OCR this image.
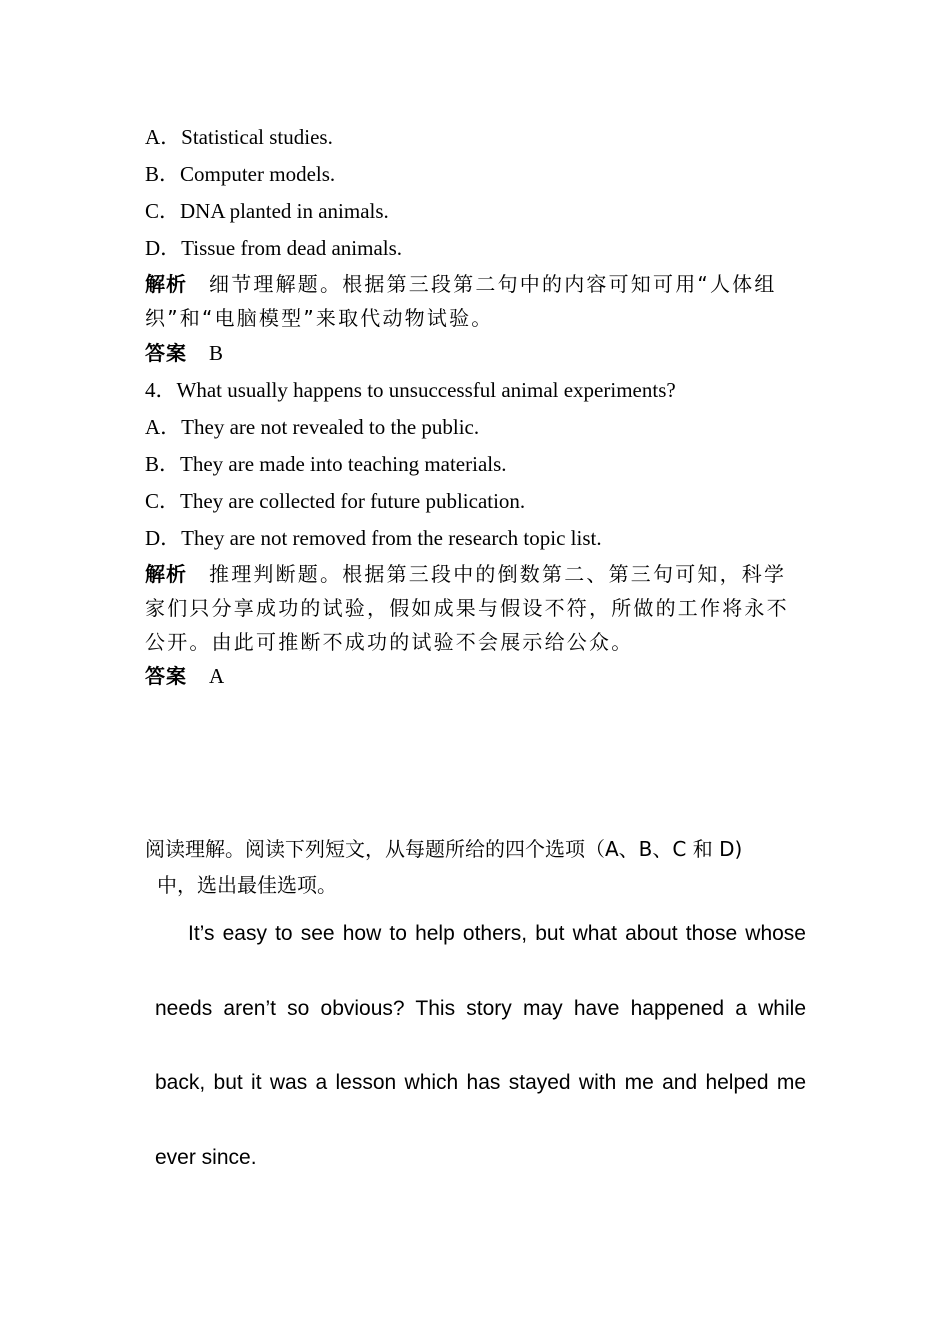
A．Statistical studies.
B．Computer models.
C．DNA planted in animals.
D．Tissue from dead animals.
解析 细节理解题。根据第三段第二句中的内容可知可用“人体组
织”和“电脑模型”来取代动物试验。
答案 B
4．What usually happens to unsuccessful animal experiments?
A．They are not revealed to the public.
B．They are made into teaching materials.
C．They are collected for future publication.
D．They are not removed from the research topic list.
解析 推理判断题。根据第三段中的倒数第二、第三句可知，科学
家们只分享成功的试验，假如成果与假设不符，所做的工作将永不
公开。由此可推断不成功的试验不会展示给公众。
答案 A
阅读理解。阅读下列短文，从每题所给的四个选项（A、B、C 和 D)
中，选出最佳选项。
It’s easy to see how to help others, but what about those whose needs aren’t so obvious? This story may have happened a while back, but it was a lesson which has stayed with me and helped me ever since.
